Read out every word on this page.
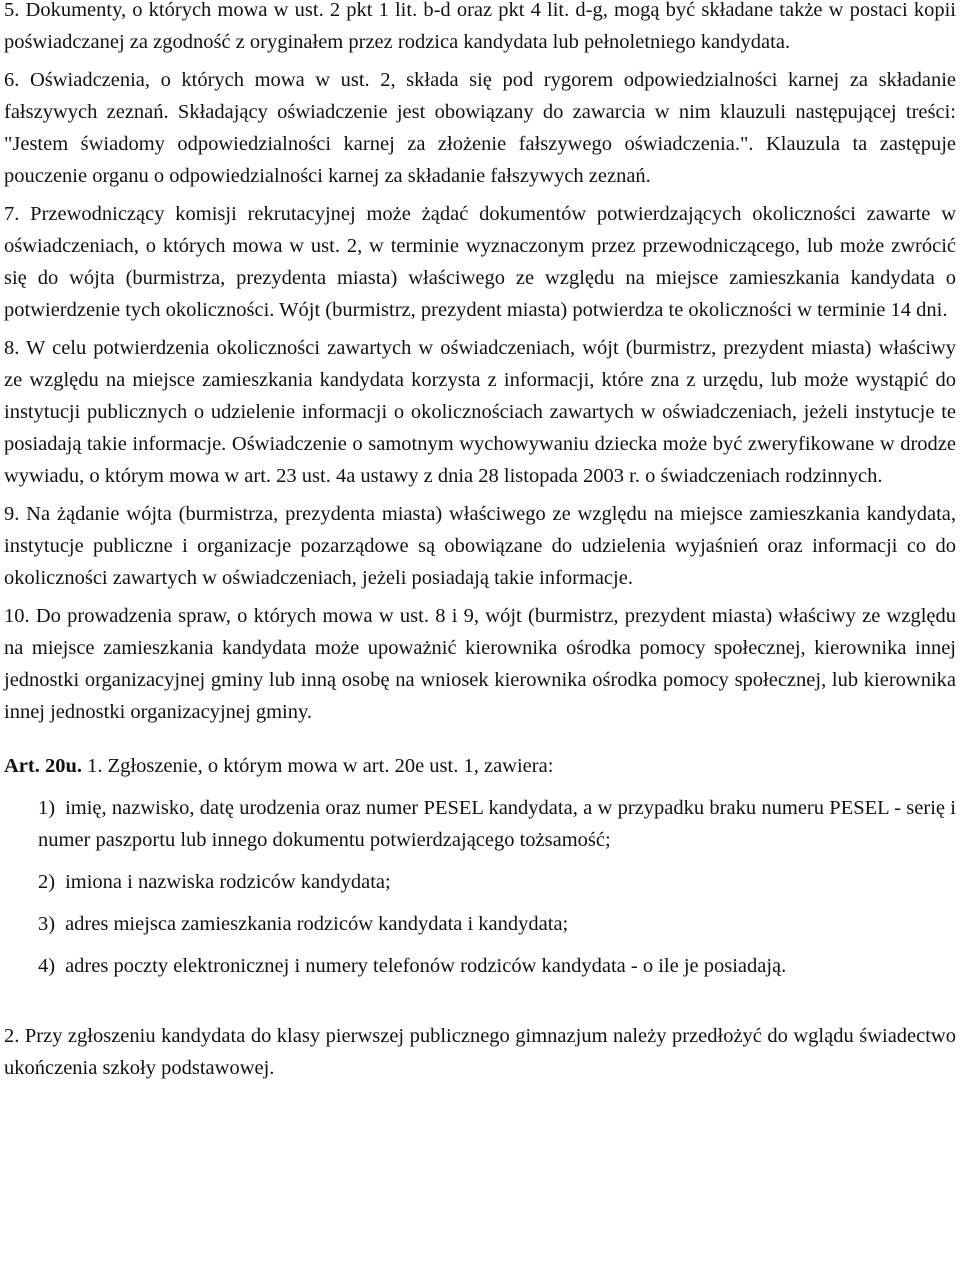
5. Dokumenty, o których mowa w ust. 2 pkt 1 lit. b-d oraz pkt 4 lit. d-g, mogą być składane także w postaci kopii poświadczanej za zgodność z oryginałem przez rodzica kandydata lub pełnoletniego kandydata.

6. Oświadczenia, o których mowa w ust. 2, składa się pod rygorem odpowiedzialności karnej za składanie fałszywych zeznań. Składający oświadczenie jest obowiązany do zawarcia w nim klauzuli następującej treści: "Jestem świadomy odpowiedzialności karnej za złożenie fałszywego oświadczenia.". Klauzula ta zastępuje pouczenie organu o odpowiedzialności karnej za składanie fałszywych zeznań.

7. Przewodniczący komisji rekrutacyjnej może żądać dokumentów potwierdzających okoliczności zawarte w oświadczeniach, o których mowa w ust. 2, w terminie wyznaczonym przez przewodniczącego, lub może zwrócić się do wójta (burmistrza, prezydenta miasta) właściwego ze względu na miejsce zamieszkania kandydata o potwierdzenie tych okoliczności. Wójt (burmistrz, prezydent miasta) potwierdza te okoliczności w terminie 14 dni.

8. W celu potwierdzenia okoliczności zawartych w oświadczeniach, wójt (burmistrz, prezydent miasta) właściwy ze względu na miejsce zamieszkania kandydata korzysta z informacji, które zna z urzędu, lub może wystąpić do instytucji publicznych o udzielenie informacji o okolicznościach zawartych w oświadczeniach, jeżeli instytucje te posiadają takie informacje. Oświadczenie o samotnym wychowywaniu dziecka może być zweryfikowane w drodze wywiadu, o którym mowa w art. 23 ust. 4a ustawy z dnia 28 listopada 2003 r. o świadczeniach rodzinnych.

9. Na żądanie wójta (burmistrza, prezydenta miasta) właściwego ze względu na miejsce zamieszkania kandydata, instytucje publiczne i organizacje pozarządowe są obowiązane do udzielenia wyjaśnień oraz informacji co do okoliczności zawartych w oświadczeniach, jeżeli posiadają takie informacje.

10. Do prowadzenia spraw, o których mowa w ust. 8 i 9, wójt (burmistrz, prezydent miasta) właściwy ze względu na miejsce zamieszkania kandydata może upoważnić kierownika ośrodka pomocy społecznej, kierownika innej jednostki organizacyjnej gminy lub inną osobę na wniosek kierownika ośrodka pomocy społecznej, lub kierownika innej jednostki organizacyjnej gminy.

Art. 20u. 1. Zgłoszenie, o którym mowa w art. 20e ust. 1, zawiera:

1) imię, nazwisko, datę urodzenia oraz numer PESEL kandydata, a w przypadku braku numeru PESEL - serię i numer paszportu lub innego dokumentu potwierdzającego tożsamość;
2) imiona i nazwiska rodziców kandydata;
3) adres miejsca zamieszkania rodziców kandydata i kandydata;
4) adres poczty elektronicznej i numery telefonów rodziców kandydata - o ile je posiadają.

2. Przy zgłoszeniu kandydata do klasy pierwszej publicznego gimnazjum należy przedłożyć do wglądu świadectwo ukończenia szkoły podstawowej.
